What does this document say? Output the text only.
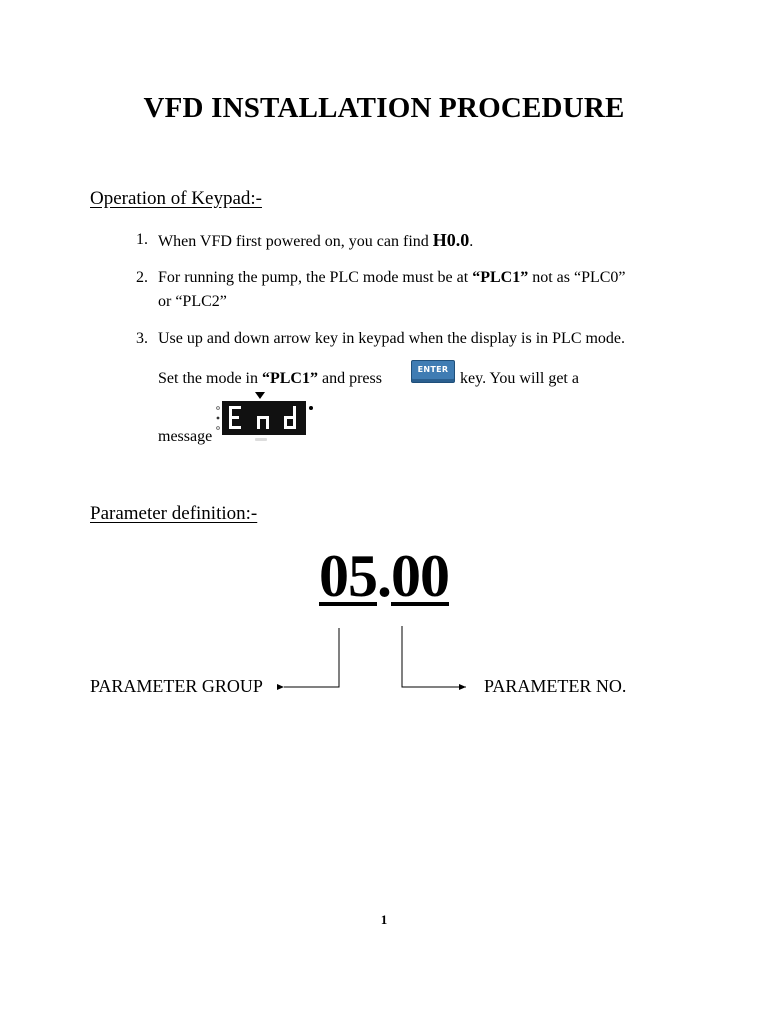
VFD INSTALLATION PROCEDURE
Operation of Keypad:-
1. When VFD first powered on, you can find H0.0.
2. For running the pump, the PLC mode must be at “PLC1” not as “PLC0”
or “PLC2”
3. Use up and down arrow key in keypad when the display is in PLC mode.
Set the mode in “PLC1” and press
ENTER
key. You will get a
message
Parameter definition:-
05.00
PARAMETER GROUP	PARAMETER NO.
1
